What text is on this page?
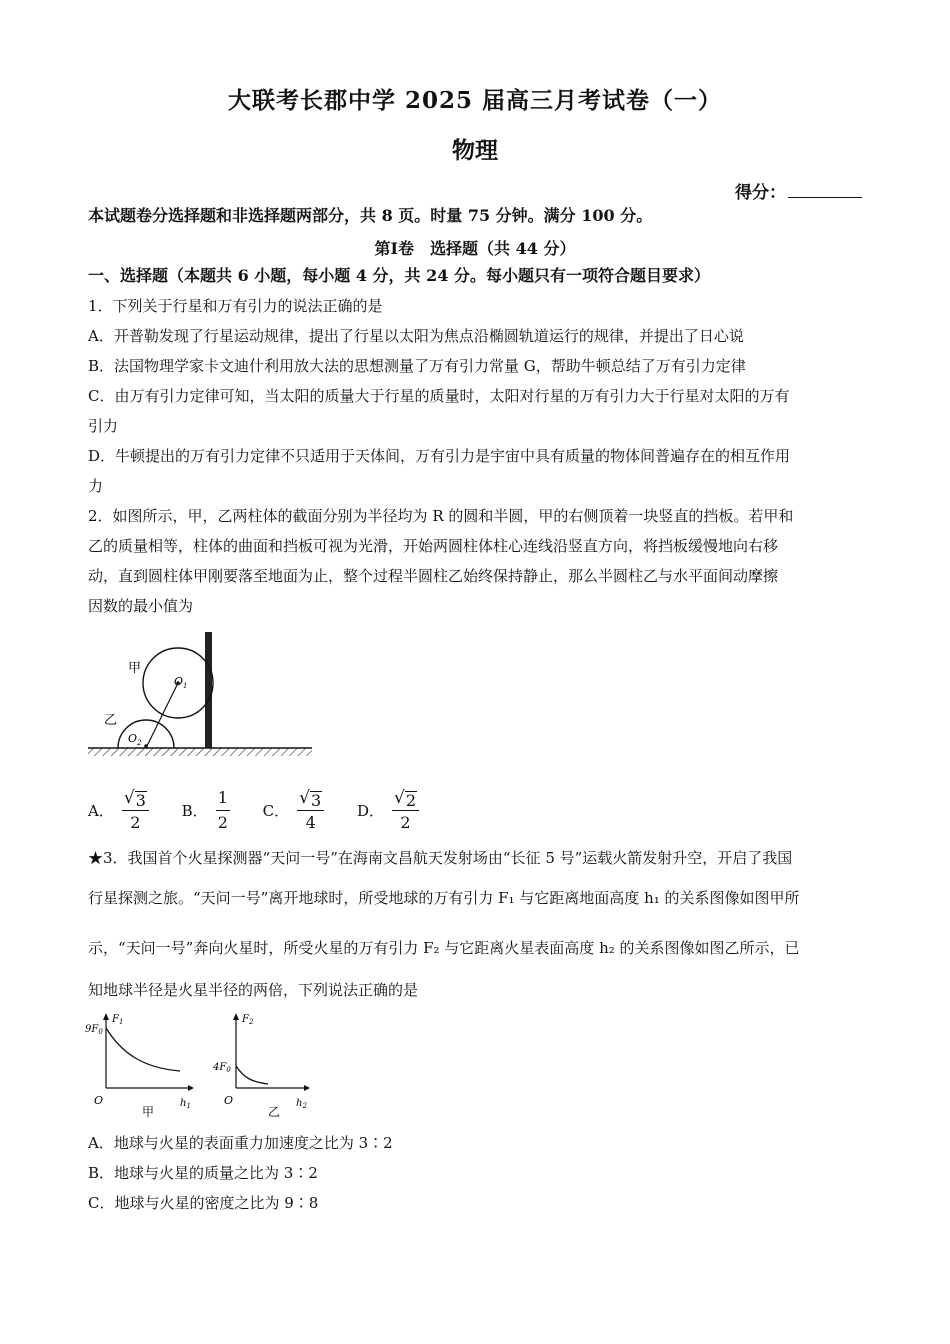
大联考长郡中学 2025 届高三月考试卷（一）
物理
得分：
本试题卷分选择题和非选择题两部分，共 8 页。时量 75 分钟。满分 100 分。
第Ⅰ卷　选择题（共 44 分）
一、选择题（本题共 6 小题，每小题 4 分，共 24 分。每小题只有一项符合题目要求）
1．下列关于行星和万有引力的说法正确的是
A．开普勒发现了行星运动规律，提出了行星以太阳为焦点沿椭圆轨道运行的规律，并提出了日心说
B．法国物理学家卡文迪什利用放大法的思想测量了万有引力常量 G，帮助牛顿总结了万有引力定律
C．由万有引力定律可知，当太阳的质量大于行星的质量时，太阳对行星的万有引力大于行星对太阳的万有
引力
D．牛顿提出的万有引力定律不只适用于天体间，万有引力是宇宙中具有质量的物体间普遍存在的相互作用
力
2．如图所示，甲，乙两柱体的截面分别为半径均为 R 的圆和半圆，甲的右侧顶着一块竖直的挡板。若甲和
乙的质量相等，柱体的曲面和挡板可视为光滑，开始两圆柱体柱心连线沿竖直方向，将挡板缓慢地向右移
动，直到圆柱体甲刚要落至地面为止，整个过程半圆柱乙始终保持静止，那么半圆柱乙与水平面间动摩擦
因数的最小值为
甲
乙
$O_1$
$O_2$
A． $\frac{√ 3}{2}$
B． $\frac{1}{2}$
C． $\frac{√ 3}{4}$
D． $\frac{√ 2}{2}$
★3．我国首个火星探测器“天问一号”在海南文昌航天发射场由“长征 5 号”运载火箭发射升空，开启了我国
行星探测之旅。“天问一号”离开地球时，所受地球的万有引力 F₁ 与它距离地面高度 h₁ 的关系图像如图甲所
示，“天问一号”奔向火星时，所受火星的万有引力 F₂ 与它距离火星表面高度 h₂ 的关系图像如图乙所示，已
知地球半径是火星半径的两倍，下列说法正确的是
$F_1$
$9F_0$
O	$h_1$
甲
$F_2$
$4F_0$
O	$h_2$
乙
A．地球与火星的表面重力加速度之比为 3∶2
B．地球与火星的质量之比为 3∶2
C．地球与火星的密度之比为 9∶8
